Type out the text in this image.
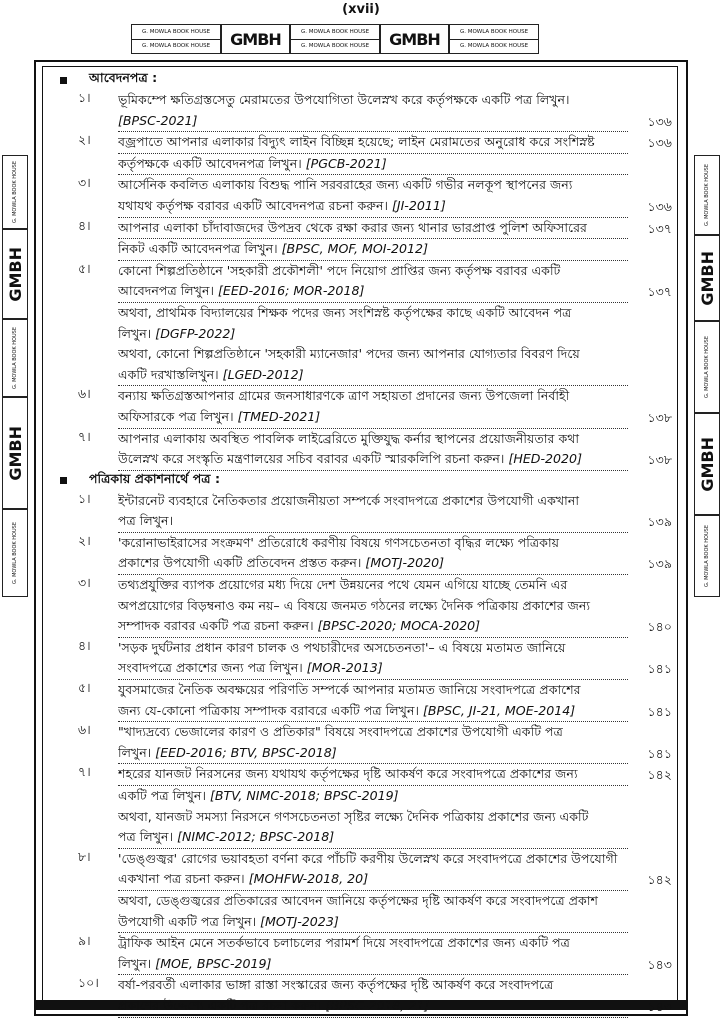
(xvii)
G. MOWLA BOOK HOUSE
G. MOWLA BOOK HOUSE	GMBH	G. MOWLA BOOK HOUSE
G. MOWLA BOOK HOUSE	GMBH	G. MOWLA BOOK HOUSE
G. MOWLA BOOK HOUSE
G. MOWLA BOOK HOUSE
GMBH
G. MOWLA BOOK HOUSE
GMBH
G. MOWLA BOOK HOUSE
G. MOWLA BOOK HOUSE
GMBH
G. MOWLA BOOK HOUSE
GMBH
G. MOWLA BOOK HOUSE
আবেদনপত্র :
১।	ভূমিকম্পে ক্ষতিগ্রস্তসেতু মেরামতের উপযোগিতা উলেস্নখ করে কর্তৃপক্ষকে একটি পত্র লিখুন।
[BPSC-2021]	১৩৬
২।	বজ্রপাতে আপনার এলাকার বিদ্যুৎ লাইন বিচ্ছিন্ন হয়েছে; লাইন মেরামতের অনুরোধ করে সংশিস্নষ্ট
কর্তৃপক্ষকে একটি আবেদনপত্র লিখুন। [PGCB-2021]
১৩৬
৩।	আর্সেনিক কবলিত এলাকায় বিশুদ্ধ পানি সরবরাহের জন্য একটি গভীর নলকূপ স্থাপনের জন্য
যথাযথ কর্তৃপক্ষ বরাবর একটি আবেদনপত্র রচনা করুন। [JI-2011]	১৩৬
৪।	আপনার এলাকা চাঁদাবাজদের উপদ্রব থেকে রক্ষা করার জন্য থানার ভারপ্রাপ্ত পুলিশ অফিসারের
নিকট একটি আবেদনপত্র লিখুন। [BPSC, MOF, MOI-2012]
১৩৭
৫।	কোনো শিল্পপ্রতিষ্ঠানে 'সহকারী প্রকৌশলী' পদে নিয়োগ প্রাপ্তির জন্য কর্তৃপক্ষ বরাবর একটি
আবেদনপত্র লিখুন। [EED-2016; MOR-2018]
অথবা, প্রাথমিক বিদ্যালয়ের শিক্ষক পদের জন্য সংশিস্নষ্ট কর্তৃপক্ষের কাছে একটি আবেদন পত্র
লিখুন। [DGFP-2022]
অথবা, কোনো শিল্পপ্রতিষ্ঠানে 'সহকারী ম্যানেজার' পদের জন্য আপনার যোগ্যতার বিবরণ দিয়ে
একটি দরখাস্তলিখুন। [LGED-2012]
১৩৭
৬।	বন্যায় ক্ষতিগ্রস্তআপনার গ্রামের জনসাধারণকে ত্রাণ সহায়তা প্রদানের জন্য উপজেলা নির্বাহী
অফিসারকে পত্র লিখুন। [TMED-2021]	১৩৮
৭।	আপনার এলাকায় অবস্থিত পাবলিক লাইব্রেরিতে মুক্তিযুদ্ধ কর্নার স্থাপনের প্রয়োজনীয়তার কথা
উলেস্নখ করে সংস্কৃতি মন্ত্রণালয়ের সচিব বরাবর একটি স্মারকলিপি রচনা করুন। [HED-2020]	১৩৮
পত্রিকায় প্রকাশনার্থে পত্র :
১।	ইন্টারনেট ব্যবহারে নৈতিকতার প্রয়োজনীয়তা সম্পর্কে সংবাদপত্রে প্রকাশের উপযোগী একখানা
পত্র লিখুন।	১৩৯
২।	'করোনাভাইরাসের সংক্রমণ' প্রতিরোধে করণীয় বিষয়ে গণসচেতনতা বৃদ্ধির লক্ষ্যে পত্রিকায়
প্রকাশের উপযোগী একটি প্রতিবেদন প্রস্তত করুন। [MOTJ-2020]	১৩৯
৩।	তথ্যপ্রযুক্তির ব্যাপক প্রয়োগের মধ্য দিয়ে দেশ উন্নয়নের পথে যেমন এগিয়ে যাচ্ছে তেমনি এর
অপপ্রয়োগের বিড়ম্বনাও কম নয়– এ বিষয়ে জনমত গঠনের লক্ষ্যে দৈনিক পত্রিকায় প্রকাশের জন্য
সম্পাদক বরাবর একটি পত্র রচনা করুন। [BPSC-2020; MOCA-2020]	১৪০
৪।	'সড়ক দুর্ঘটনার প্রধান কারণ চালক ও পথচারীদের অসচেতনতা'– এ বিষয়ে মতামত জানিয়ে
সংবাদপত্রে প্রকাশের জন্য পত্র লিখুন। [MOR-2013]	১৪১
৫।	যুবসমাজের নৈতিক অবক্ষয়ের পরিণতি সম্পর্কে আপনার মতামত জানিয়ে সংবাদপত্রে প্রকাশের
জন্য যে-কোনো পত্রিকায় সম্পাদক বরাবরে একটি পত্র লিখুন। [BPSC, JI-21, MOE-2014]	১৪১
৬।	"খাদ্যদ্রব্যে ভেজালের কারণ ও প্রতিকার" বিষয়ে সংবাদপত্রে প্রকাশের উপযোগী একটি পত্র
লিখুন। [EED-2016; BTV, BPSC-2018]	১৪১
৭।	শহরের যানজট নিরসনের জন্য যথাযথ কর্তৃপক্ষের দৃষ্টি আকর্ষণ করে সংবাদপত্রে প্রকাশের জন্য
একটি পত্র লিখুন। [BTV, NIMC-2018; BPSC-2019]
অথবা, যানজট সমস্যা নিরসনে গণসচেতনতা সৃষ্টির লক্ষ্যে দৈনিক পত্রিকায় প্রকাশের জন্য একটি
পত্র লিখুন। [NIMC-2012; BPSC-2018]
১৪২
৮।	'ডেঙ্গুজ্বর' রোগের ভয়াবহতা বর্ণনা করে পাঁচটি করণীয় উলেস্নখ করে সংবাদপত্রে প্রকাশের উপযোগী
একখানা পত্র রচনা করুন। [MOHFW-2018, 20]
অথবা, ডেঙ্গুজ্বরের প্রতিকারের আবেদন জানিয়ে কর্তৃপক্ষের দৃষ্টি আকর্ষণ করে সংবাদপত্রে প্রকাশ
উপযোগী একটি পত্র লিখুন। [MOTJ-2023]
১৪২
৯।	ট্রাফিক আইন মেনে সতর্কভাবে চলাচলের পরামর্শ দিয়ে সংবাদপত্রে প্রকাশের জন্য একটি পত্র
লিখুন। [MOE, BPSC-2019]	১৪৩
১০।	বর্ষা-পরবর্তী এলাকার ভাঙ্গা রাস্তা সংস্কারের জন্য কর্তৃপক্ষের দৃষ্টি আকর্ষণ করে সংবাদপত্রে
প্রকাশের উদ্দেশ্যে একটি পত্র রচনা করুন। [BPSC-2018, 21]	১৪৩
